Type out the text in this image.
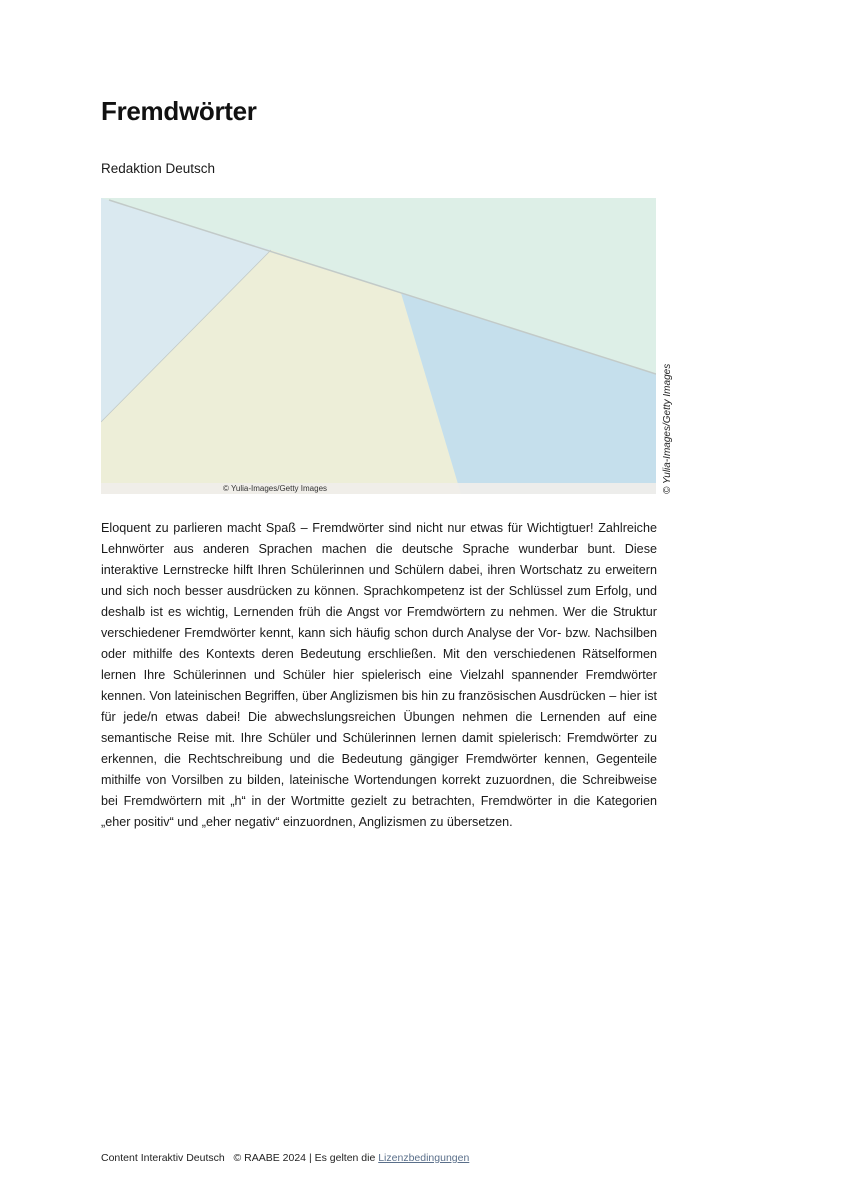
Fremdwörter
Redaktion Deutsch
© Yulia-Images/Getty Images	© Yulia-Images/Getty Images

Eloquent zu parlieren macht Spaß – Fremdwörter sind nicht nur etwas für Wichtigtuer! Zahlreiche Lehnwörter aus anderen Sprachen machen die deutsche Sprache wunderbar bunt. Diese interaktive Lernstrecke hilft Ihren Schülerinnen und Schülern dabei, ihren Wortschatz zu erweitern und sich noch besser ausdrücken zu können. Sprachkompetenz ist der Schlüssel zum Erfolg, und deshalb ist es wichtig, Lernenden früh die Angst vor Fremdwörtern zu nehmen. Wer die Struktur verschiedener Fremdwörter kennt, kann sich häufig schon durch Analyse der Vor- bzw. Nachsilben oder mithilfe des Kontexts deren Bedeutung erschließen. Mit den verschiedenen Rätselformen lernen Ihre Schülerinnen und Schüler hier spielerisch eine Vielzahl spannender Fremdwörter kennen. Von lateinischen Begriffen, über Anglizismen bis hin zu französischen Ausdrücken – hier ist für jede/n etwas dabei! Die abwechslungsreichen Übungen nehmen die Lernenden auf eine semantische Reise mit. Ihre Schüler und Schülerinnen lernen damit spielerisch: Fremdwörter zu erkennen, die Rechtschreibung und die Bedeutung gängiger Fremdwörter kennen, Gegenteile mithilfe von Vorsilben zu bilden, lateinische Wortendungen korrekt zuzuordnen, die Schreibweise bei Fremdwörtern mit „h“ in der Wortmitte gezielt zu betrachten, Fremdwörter in die Kategorien „eher positiv“ und „eher negativ“ einzuordnen, Anglizismen zu übersetzen.

Content Interaktiv Deutsch © RAABE 2024 | Es gelten die Lizenzbedingungen
